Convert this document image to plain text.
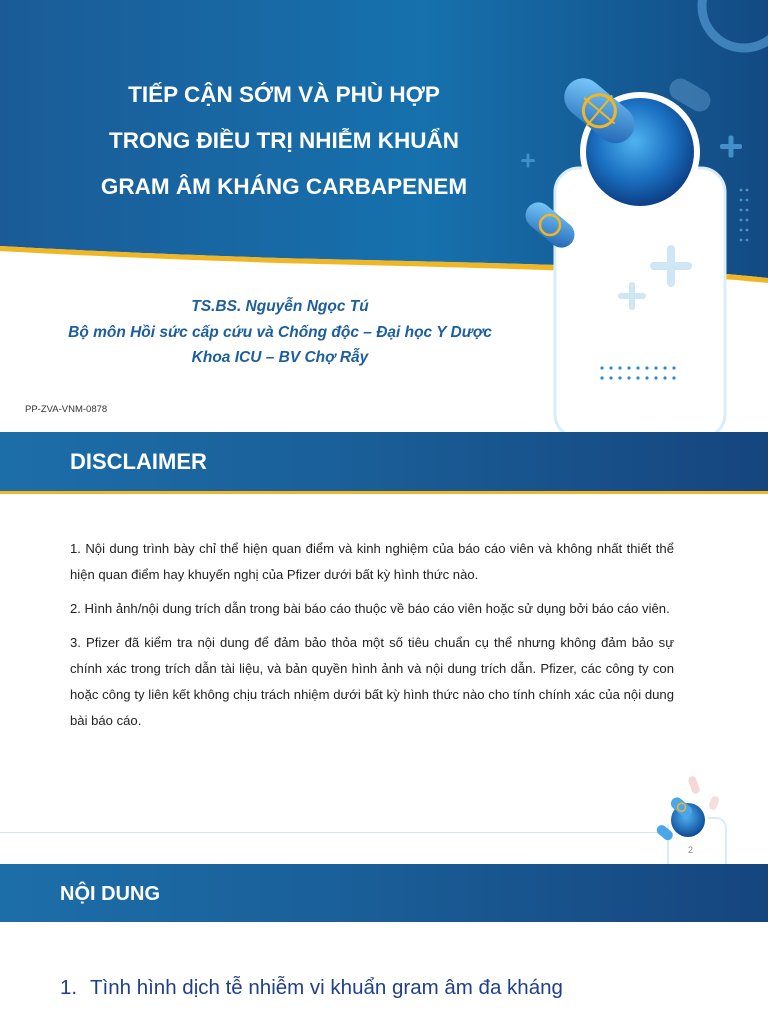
TIẾP CẬN SỚM VÀ PHÙ HỢP
TRONG ĐIỀU TRỊ NHIỄM KHUẨN
GRAM ÂM KHÁNG CARBAPENEM
TS.BS. Nguyễn Ngọc Tú
Bộ môn Hồi sức cấp cứu và Chống độc – Đại học Y Dược
Khoa ICU – BV Chợ Rẫy
PP-ZVA-VNM-0878
DISCLAIMER

1. Nội dung trình bày chỉ thể hiện quan điểm và kinh nghiệm của báo cáo viên và không nhất thiết thể hiện quan điểm hay khuyến nghị của Pfizer dưới bất kỳ hình thức nào.

2. Hình ảnh/nội dung trích dẫn trong bài báo cáo thuộc về báo cáo viên hoặc sử dụng bởi báo cáo viên.

3. Pfizer đã kiểm tra nội dung để đảm bảo thỏa một số tiêu chuẩn cụ thể nhưng không đảm bảo sự chính xác trong trích dẫn tài liệu, và bản quyền hình ảnh và nội dung trích dẫn. Pfizer, các công ty con hoặc công ty liên kết không chịu trách nhiệm dưới bất kỳ hình thức nào cho tính chính xác của nội dung bài báo cáo.

2
NỘI DUNG
1. Tình hình dịch tễ nhiễm vi khuẩn gram âm đa kháng
